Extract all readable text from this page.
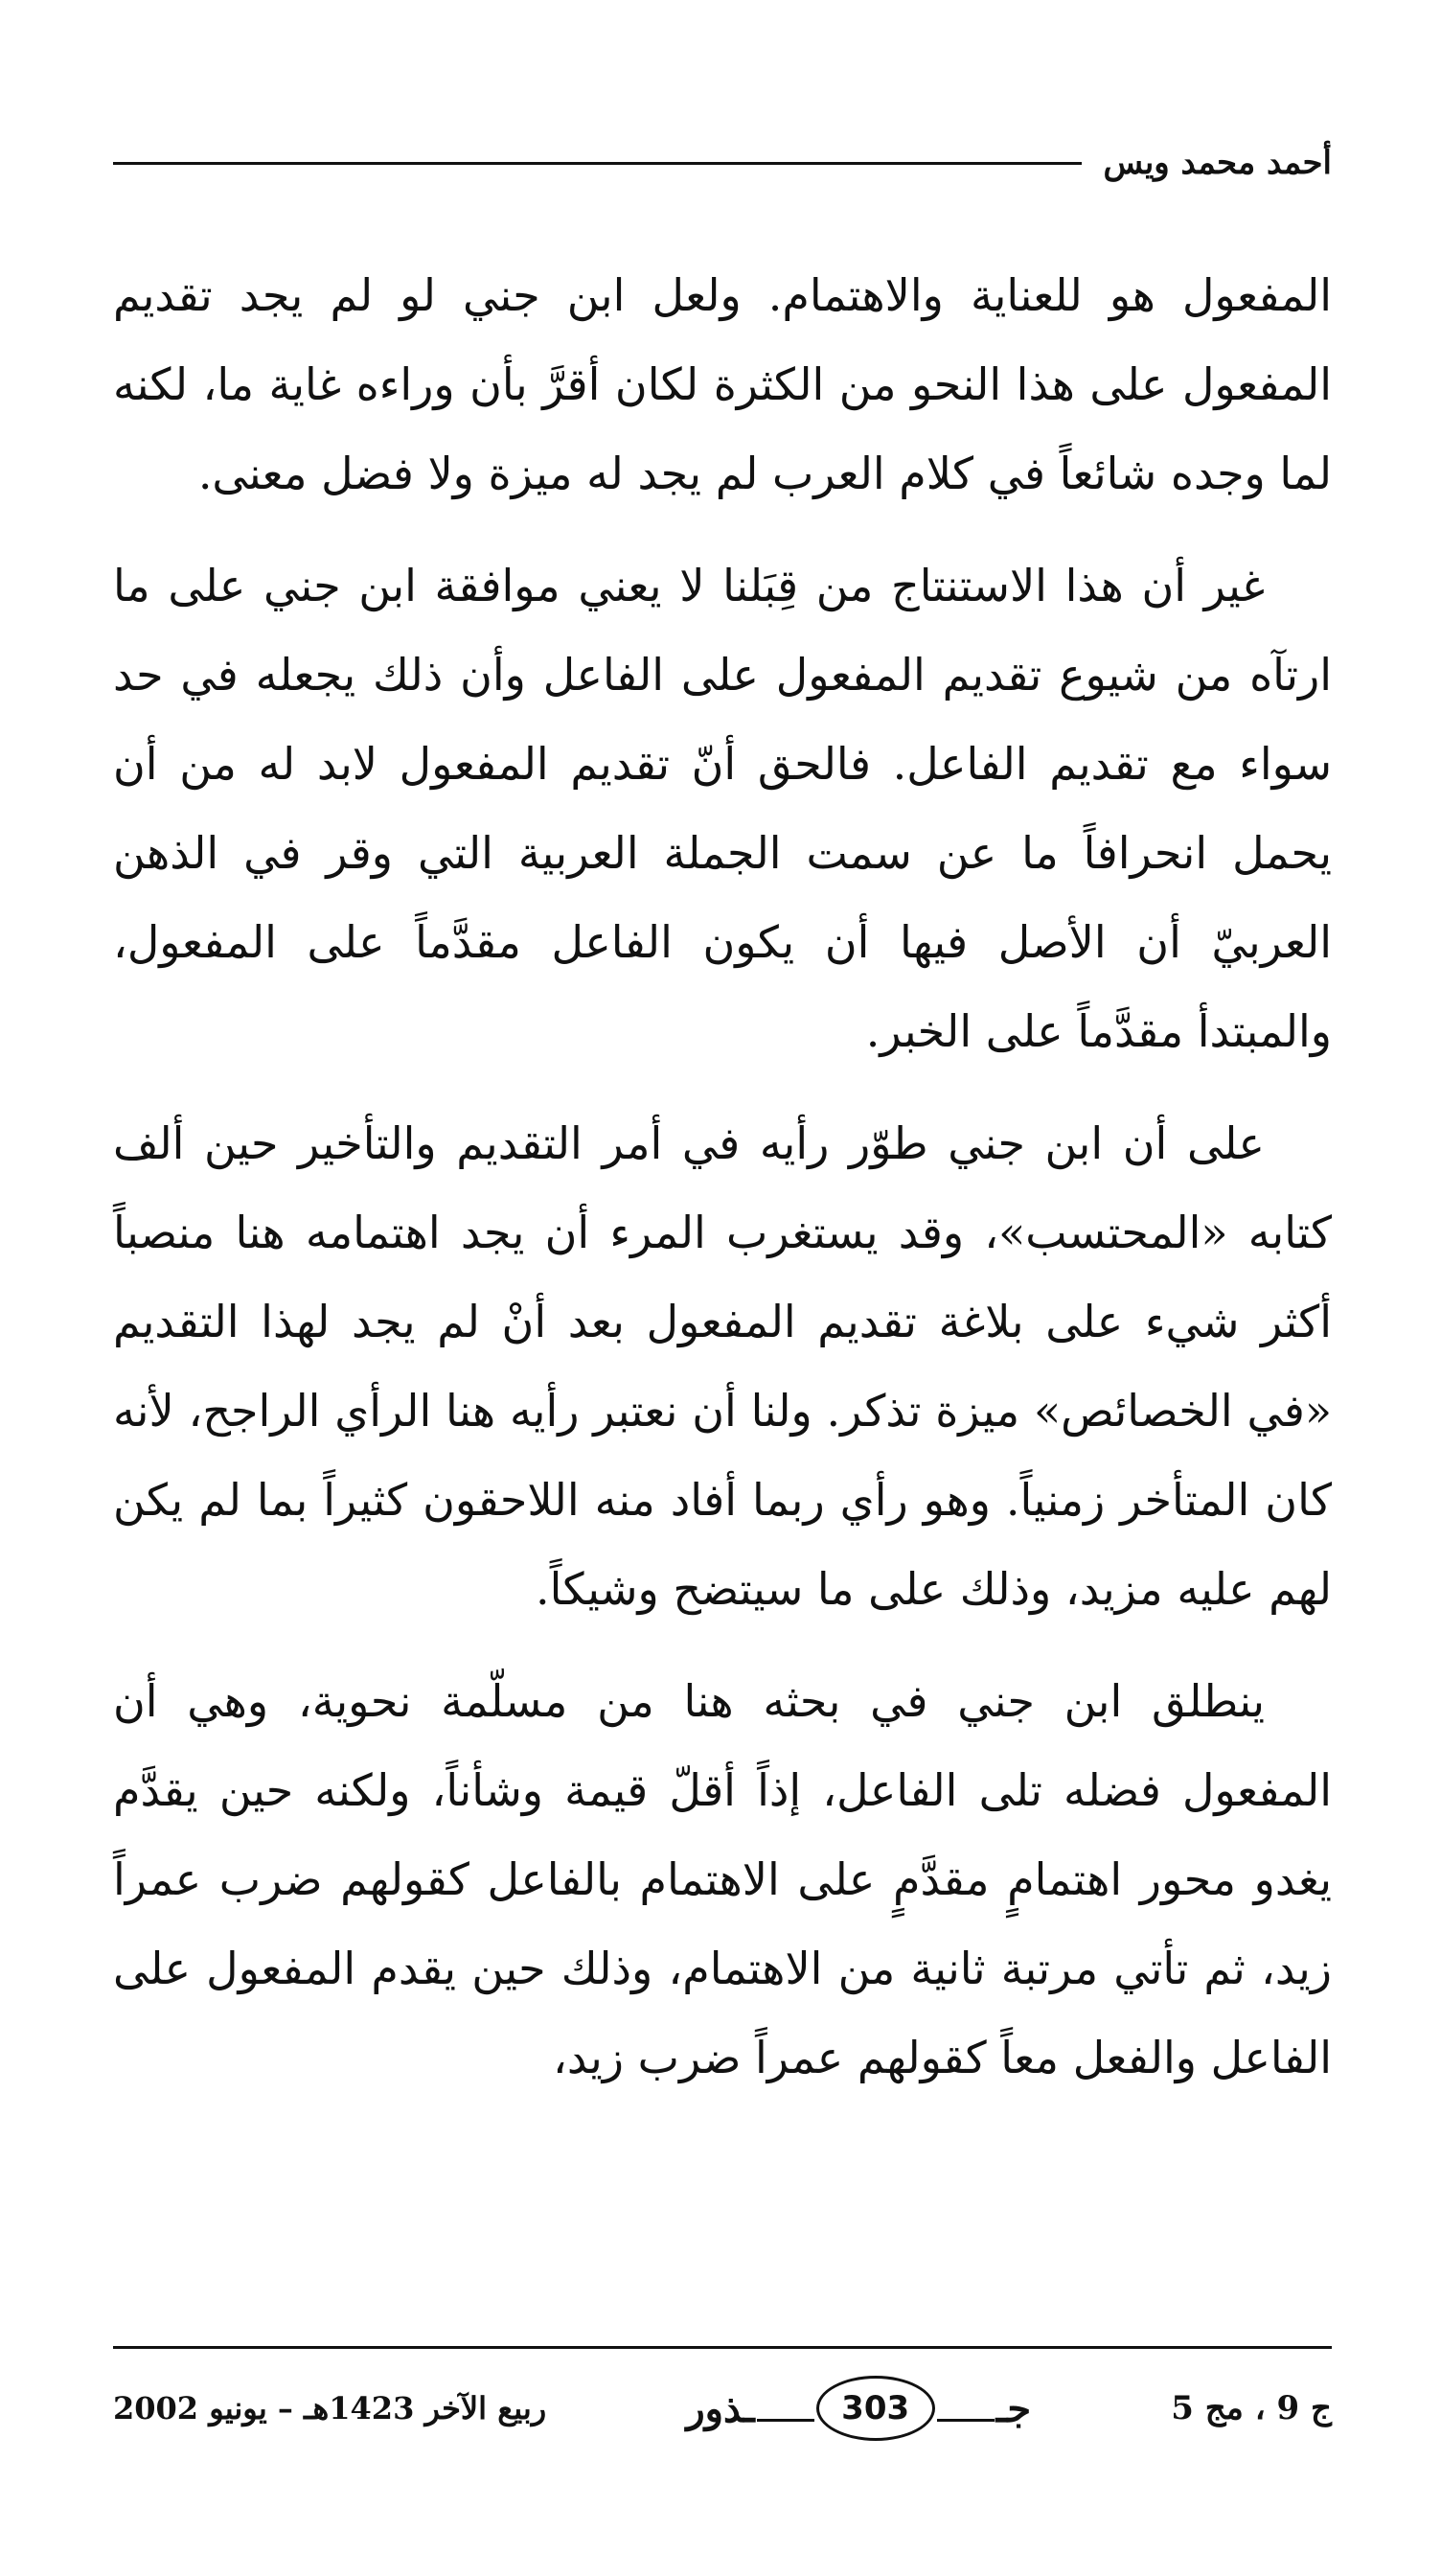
أحمد محمد ويس

المفعول هو للعناية والاهتمام. ولعل ابن جني لو لم يجد تقديم المفعول على هذا النحو من الكثرة لكان أقرَّ بأن وراءه غاية ما، لكنه لما وجده شائعاً في كلام العرب لم يجد له ميزة ولا فضل معنى.

غير أن هذا الاستنتاج من قِبَلنا لا يعني موافقة ابن جني على ما ارتآه من شيوع تقديم المفعول على الفاعل وأن ذلك يجعله في حد سواء مع تقديم الفاعل. فالحق أنّ تقديم المفعول لابد له من أن يحمل انحرافاً ما عن سمت الجملة العربية التي وقر في الذهن العربيّ أن الأصل فيها أن يكون الفاعل مقدَّماً على المفعول، والمبتدأ مقدَّماً على الخبر.

على أن ابن جني طوّر رأيه في أمر التقديم والتأخير حين ألف كتابه «المحتسب»، وقد يستغرب المرء أن يجد اهتمامه هنا منصباً أكثر شيء على بلاغة تقديم المفعول بعد أنْ لم يجد لهذا التقديم «في الخصائص» ميزة تذكر. ولنا أن نعتبر رأيه هنا الرأي الراجح، لأنه كان المتأخر زمنياً. وهو رأي ربما أفاد منه اللاحقون كثيراً بما لم يكن لهم عليه مزيد، وذلك على ما سيتضح وشيكاً.

ينطلق ابن جني في بحثه هنا من مسلّمة نحوية، وهي أن المفعول فضله تلى الفاعل، إذاً أقلّ قيمة وشأناً، ولكنه حين يقدَّم يغدو محور اهتمامٍ مقدَّمٍ على الاهتمام بالفاعل كقولهم ضرب عمراً زيد، ثم تأتي مرتبة ثانية من الاهتمام، وذلك حين يقدم المفعول على الفاعل والفعل معاً كقولهم عمراً ضرب زيد،

ج 9 ، مج 5
جـ
303
ـذور
ربيع الآخر 1423هـ – يونيو 2002
